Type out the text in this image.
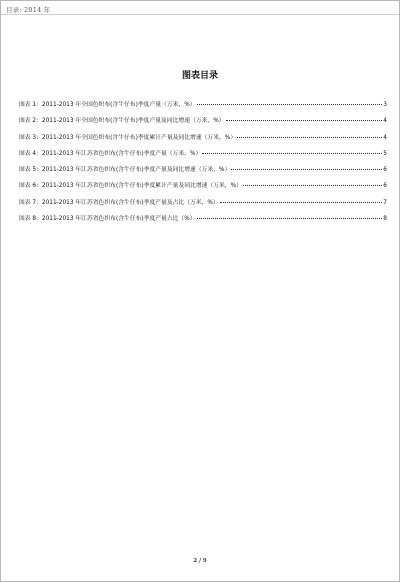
目录: 2014 年
图表目录
图表 1：2011-2013 年全国色织布(含牛仔布)季度产量（万米，%）	3
图表 2：2011-2013 年全国色织布(含牛仔布)季度产量及同比增速（万米，%）	4
图表 3：2011-2013 年全国色织布(含牛仔布)季度累计产量及同比增速（万米，%）	4
图表 4：2011-2013 年江苏省色织布(含牛仔布)季度产量（万米，%）	5
图表 5：2011-2013 年江苏省色织布(含牛仔布)季度产量及同比增速（万米，%）	6
图表 6：2011-2013 年江苏省色织布(含牛仔布)季度累计产量及同比增速（万米，%）	6
图表 7：2011-2013 年江苏省色织布(含牛仔布)季度产量及占比（万米，%）	7
图表 8：2011-2013 年江苏省色织布(含牛仔布)季度产量占比（%）	8
2 / 9
